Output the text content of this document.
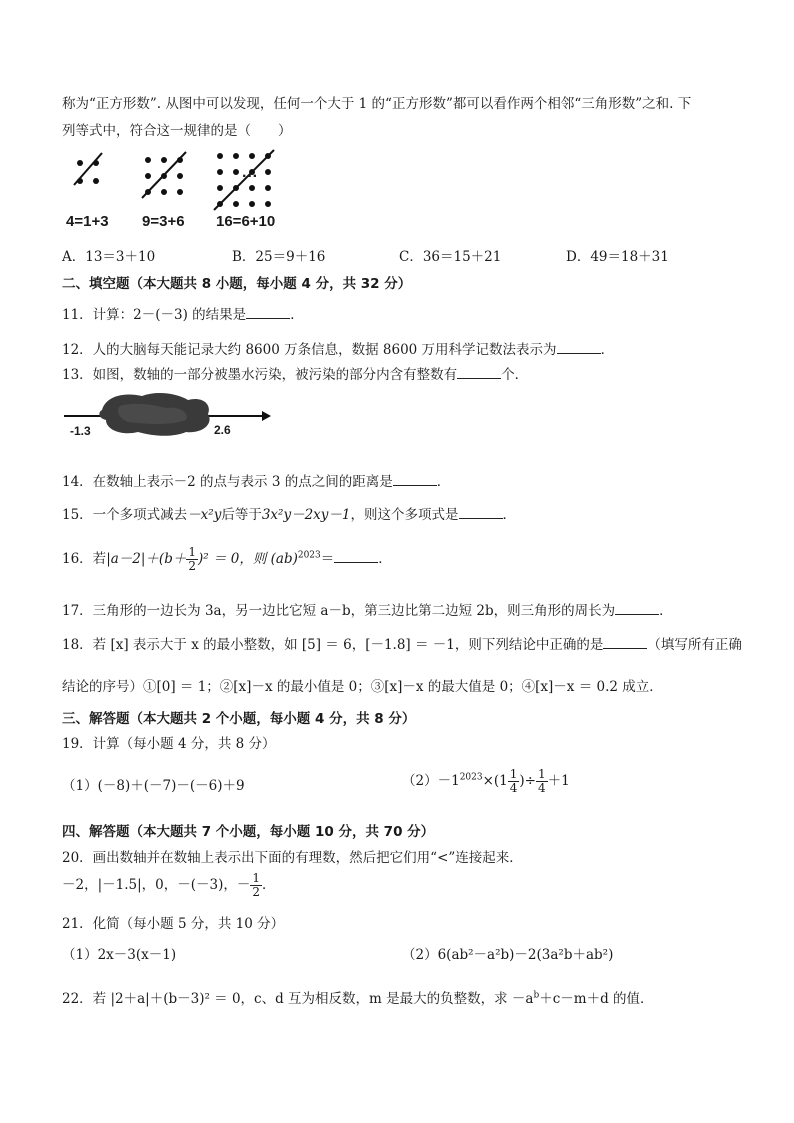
称为“正方形数”. 从图中可以发现，任何一个大于 1 的“正方形数”都可以看作两个相邻“三角形数”之和. 下
列等式中，符合这一规律的是（　　）
···
4=1+3 9=3+6 16=6+10
A．13＝3＋10	B．25＝9＋16	C．36＝15＋21	D．49＝18＋31
二、填空题（本大题共 8 小题，每小题 4 分，共 32 分）
11．计算：2－(－3) 的结果是	．
12．人的大脑每天能记录大约 8600 万条信息，数据 8600 万用科学记数法表示为	．
13．如图，数轴的一部分被墨水污染，被污染的部分内含有整数有	个．
-1.3	2.6
14．在数轴上表示－2 的点与表示 3 的点之间的距离是	．
15．一个多项式减去－x²y后等于3x²y－2xy－1，则这个多项式是	．
16．若$|a-2|+(b+ \frac{1}{2} )^2 = 0$，则 (ab)$^{2023}$＝	．
17．三角形的一边长为 3a，另一边比它短 a－b，第三边比第二边短 2b，则三角形的周长为	．
18．若 [x] 表示大于 x 的最小整数，如 [5] ＝ 6，[－1.8] ＝ －1，则下列结论中正确的是	（填写所有正确
结论的序号）①[0] ＝ 1；②[x]－x 的最小值是 0；③[x]－x 的最大值是 0；④[x]－x ＝ 0.2 成立．
三、解答题（本大题共 2 个小题，每小题 4 分，共 8 分）
19．计算（每小题 4 分，共 8 分）
（1）(－8)＋(－7)－(－6)＋9	$(2)-1^{2023}\times(1 \frac{1}{4}$ )÷ $\frac{1}{4} +1$
四、解答题（本大题共 7 个小题，每小题 10 分，共 70 分）
20．画出数轴并在数轴上表示出下面的有理数，然后把它们用“<”连接起来．
－2，|－1.5|，0，－(－3)，－ $\frac{1}{2}$ ．
21．化简（每小题 5 分，共 10 分）
（1）2x－3(x－1)	（2）6(ab²－a²b)－2(3a²b＋ab²)
22．若 |2＋a|＋(b－3)² ＝ 0，c、d 互为相反数，m 是最大的负整数，求 $-a^b+c-m+d$ 的值．
